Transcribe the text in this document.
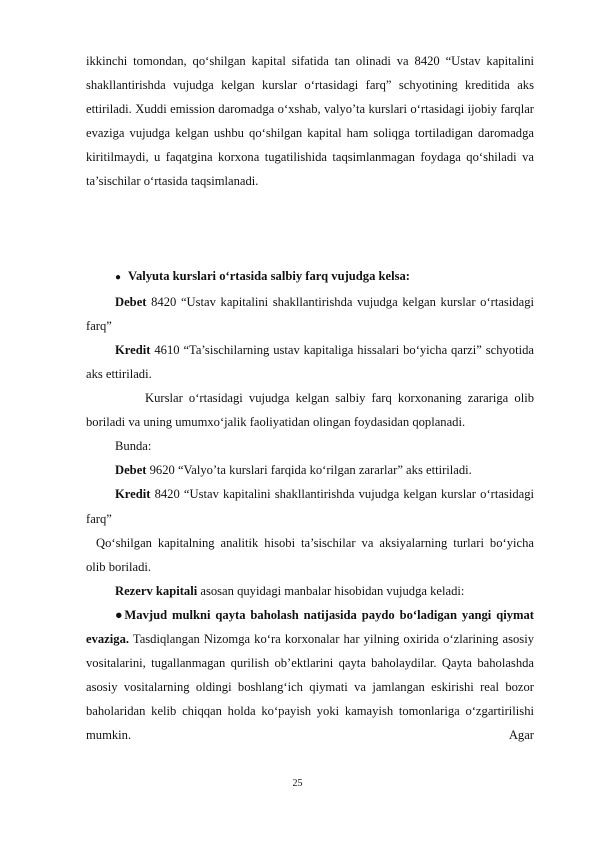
ikkinchi tomondan, qo‘shilgan kapital sifatida tan olinadi va 8420 “Ustav kapitalini shakllantirishda vujudga kelgan kurslar o‘rtasidagi farq” schyotining kreditida aks ettiriladi. Xuddi emission daromadga o‘xshab, valyo’ta kurslari o‘rtasidagi ijobiy farqlar evaziga vujudga kelgan ushbu qo‘shilgan kapital ham soliqga tortiladigan daromadga kiritilmaydi, u faqatgina korxona tugatilishida taqsimlanmagan foydaga qo‘shiladi va ta’sischilar o‘rtasida taqsimlanadi.

● Valyuta kurslari o‘rtasida salbiy farq vujudga kelsa:

Debet 8420 “Ustav kapitalini shakllantirishda vujudga kelgan kurslar o‘rtasidagi farq”

Kredit 4610 “Ta’sischilarning ustav kapitaliga hissalari bo‘yicha qarzi” schyotida aks ettiriladi.

Kurslar o‘rtasidagi vujudga kelgan salbiy farq korxonaning zarariga olib boriladi va uning umumxo‘jalik faoliyatidan olingan foydasidan qoplanadi.

Bunda:

Debet 9620 “Valyo’ta kurslari farqida ko‘rilgan zararlar” aks ettiriladi.

Kredit 8420 “Ustav kapitalini shakllantirishda vujudga kelgan kurslar o‘rtasidagi farq”

Qo‘shilgan kapitalning analitik hisobi ta’sischilar va aksiyalarning turlari bo‘yicha olib boriladi.

Rezerv kapitali asosan quyidagi manbalar hisobidan vujudga keladi:

●Mavjud mulkni qayta baholash natijasida paydo bo‘ladigan yangi qiymat evaziga. Tasdiqlangan Nizomga ko‘ra korxonalar har yilning oxirida o‘zlarining asosiy vositalarini, tugallanmagan qurilish ob’ektlarini qayta baholaydilar. Qayta baholashda asosiy vositalarning oldingi boshlang‘ich qiymati va jamlangan eskirishi real bozor baholaridan kelib chiqqan holda ko‘payish yoki kamayish tomonlariga o‘zgartirilishi mumkin. Agar

25
